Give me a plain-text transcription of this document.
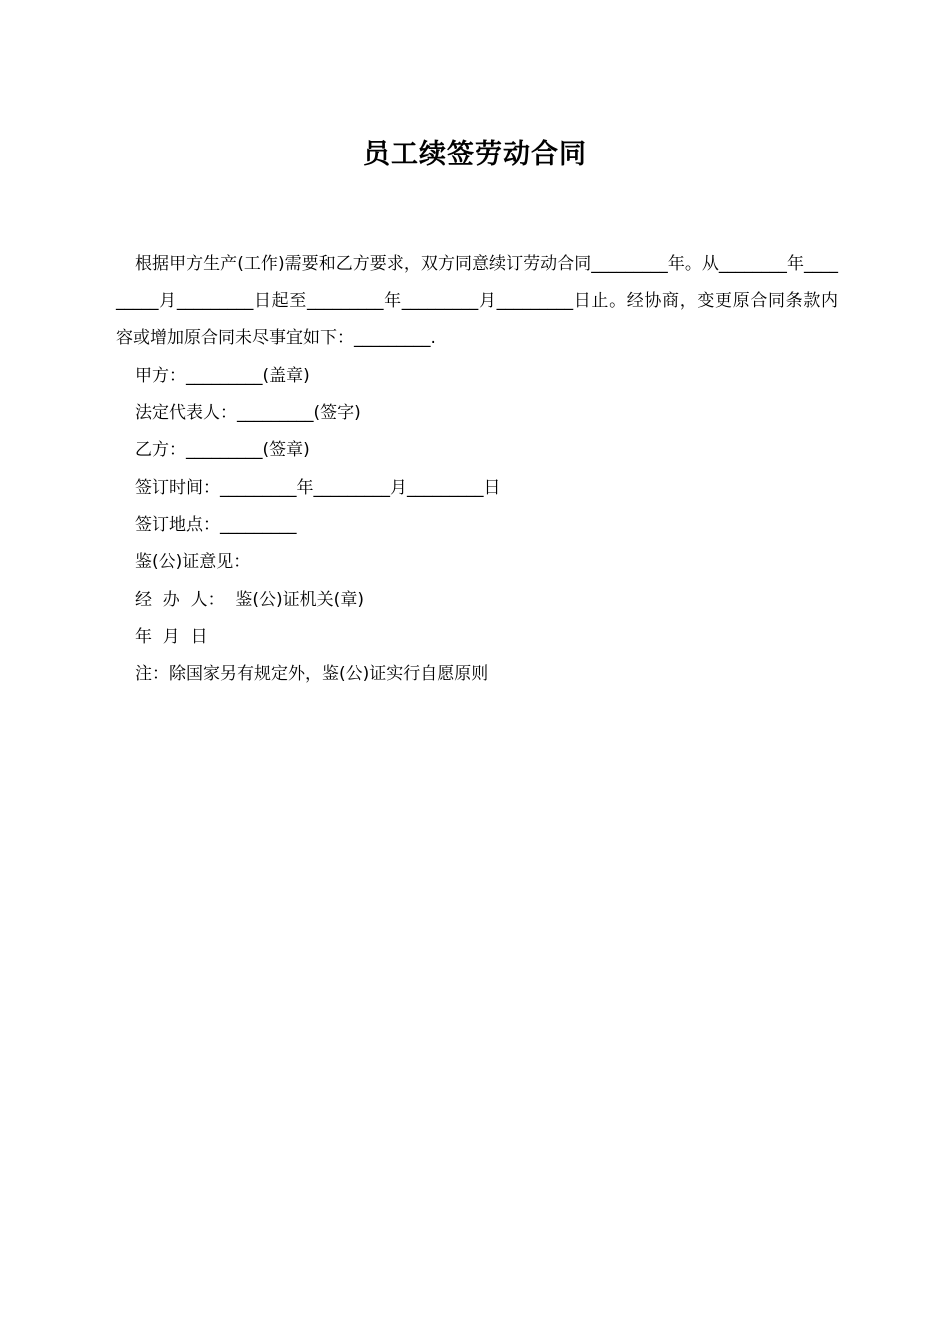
员工续签劳动合同
根据甲方生产(工作)需要和乙方要求，双方同意续订劳动合同_________年。从________年_________月_________日起至_________年_________月_________日止。经协商，变更原合同条款内容或增加原合同未尽事宜如下：_________.
甲方：_________(盖章)
法定代表人：_________(签字)
乙方：_________(签章)
签订时间：_________年_________月_________日
签订地点：_________
鉴(公)证意见：
经  办  人：  鉴(公)证机关(章)
年  月  日
注：除国家另有规定外，鉴(公)证实行自愿原则
